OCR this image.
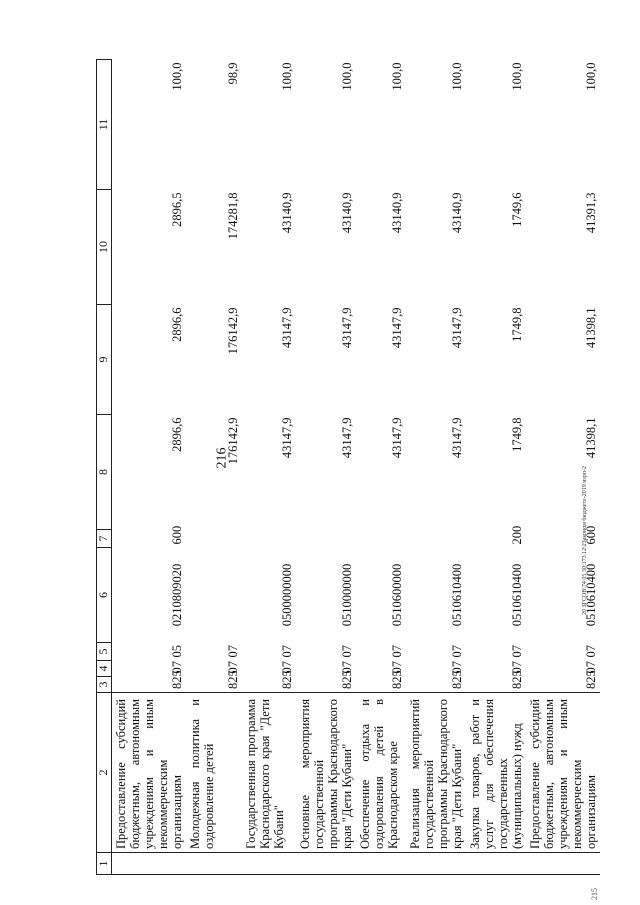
216
1	2	3	4	5	6	7	8	9	10	11
	Предоставление субсидий бюджетным, автономным учреждениям и иным некоммерческим организациям	825	07	05	0210809020	600	2896,6	2896,6	2896,5	100,0
	Молодежная политика и оздоровление детей	825	07	07			176142,9	176142,9	174281,8	98,9
	Государственная программа Краснодарского края "Дети Кубани"	825	07	07	0500000000		43147,9	43147,9	43140,9	100,0
	Основные мероприятия государственной программы Краснодарского края "Дети Кубани"	825	07	07	0510000000		43147,9	43147,9	43140,9	100,0
	Обеспечение отдыха и оздоровления детей в Краснодарском крае	825	07	07	0510600000		43147,9	43147,9	43140,9	100,0
	Реализация мероприятий государственной программы Краснодарского края "Дети Кубани"	825	07	07	0510610400		43147,9	43147,9	43140,9	100,0
	Закупка товаров, работ и услуг для обеспечения государственных (муниципальных) нужд	825	07	07	0510610400	200	1749,8	1749,8	1749,6	100,0
	Предоставление субсидий бюджетным, автономным учреждениям и иным некоммерческим организациям	825	07	07	0510610400	600	41398,1	41398,1	41391,3	100,0
20 ЗГСОВ\74 05 30\173.12\2Законом бюджете-2019 изрп-2
215
